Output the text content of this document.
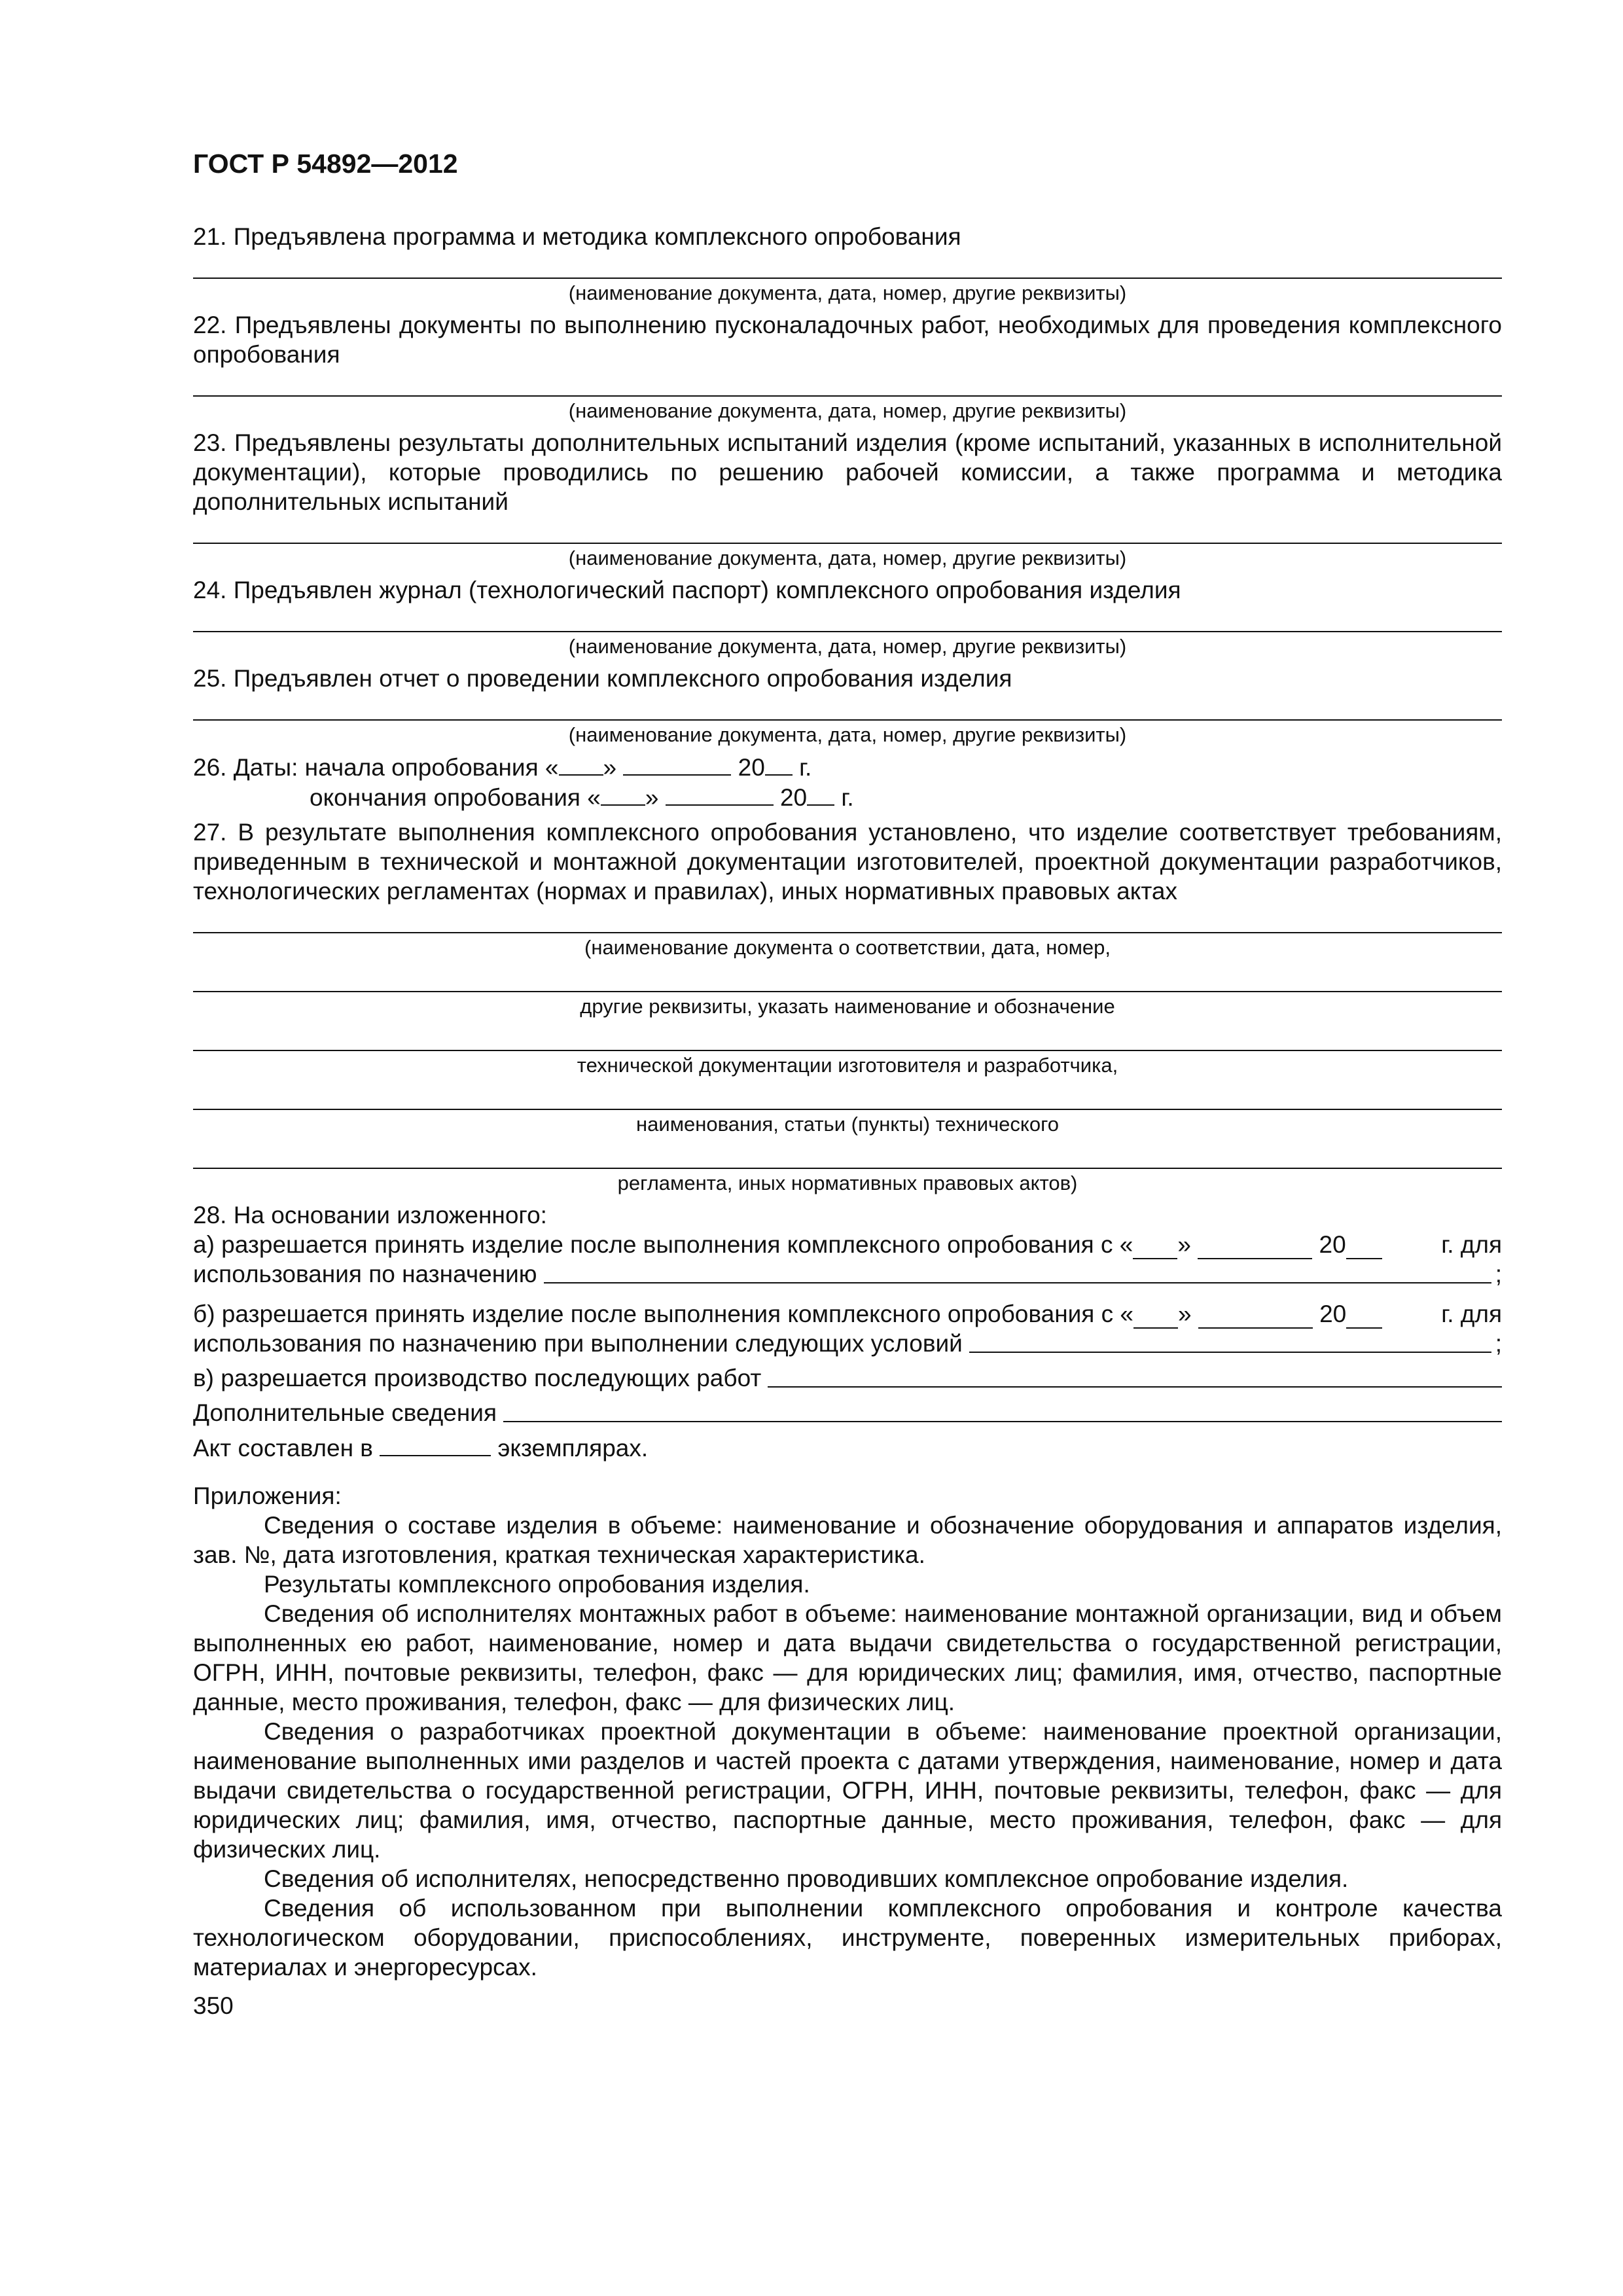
ГОСТ Р 54892—2012

21. Предъявлена программа и методика комплексного опробования

(наименование документа, дата, номер, другие реквизиты)

22. Предъявлены документы по выполнению пусконаладочных работ, необходимых для проведения комплексного опробования

(наименование документа, дата, номер, другие реквизиты)

23. Предъявлены результаты дополнительных испытаний изделия (кроме испытаний, указанных в исполнительной документации), которые проводились по решению рабочей комиссии, а также программа и методика дополнительных испытаний

(наименование документа, дата, номер, другие реквизиты)

24. Предъявлен журнал (технологический паспорт) комплексного опробования изделия

(наименование документа, дата, номер, другие реквизиты)

25. Предъявлен отчет о проведении комплексного опробования изделия

(наименование документа, дата, номер, другие реквизиты)

26. Даты: начала опробования « »	20 г.

окончания опробования « »	20 г.

27. В результате выполнения комплексного опробования установлено, что изделие соответствует требованиям, приведенным в технической и монтажной документации изготовителей, проектной документации разработчиков, технологических регламентах (нормах и правилах), иных нормативных правовых актах

(наименование документа о соответствии, дата, номер,
другие реквизиты, указать наименование и обозначение
технической документации изготовителя и разработчика,
наименования, статьи (пункты) технического
регламента, иных нормативных правовых актов)

28. На основании изложенного:

а) разрешается принять изделие после выполнения комплексного опробования с « »

	20
	г. для
использования по назначению	;
б) разрешается принять изделие после выполнения комплексного опробования с « »

	20
	г. для
использования по назначению при выполнении следующих условий	;
в) разрешается производство последующих работ
Дополнительные сведения

Акт составлен в	экземплярах.

Приложения:

Сведения о составе изделия в объеме: наименование и обозначение оборудования и аппаратов изделия, зав. №, дата изготовления, краткая техническая характеристика.

Результаты комплексного опробования изделия.

Сведения об исполнителях монтажных работ в объеме: наименование монтажной организации, вид и объем выполненных ею работ, наименование, номер и дата выдачи свидетельства о государственной регистрации, ОГРН, ИНН, почтовые реквизиты, телефон, факс — для юридических лиц; фамилия, имя, отчество, паспортные данные, место проживания, телефон, факс — для физических лиц.

Сведения о разработчиках проектной документации в объеме: наименование проектной организации, наименование выполненных ими разделов и частей проекта с датами утверждения, наименование, номер и дата выдачи свидетельства о государственной регистрации, ОГРН, ИНН, почтовые реквизиты, телефон, факс — для юридических лиц; фамилия, имя, отчество, паспортные данные, место проживания, телефон, факс — для физических лиц.

Сведения об исполнителях, непосредственно проводивших комплексное опробование изделия.

Сведения об использованном при выполнении комплексного опробования и контроле качества технологическом оборудовании, приспособлениях, инструменте, поверенных измерительных приборах, материалах и энергоресурсах.

350
